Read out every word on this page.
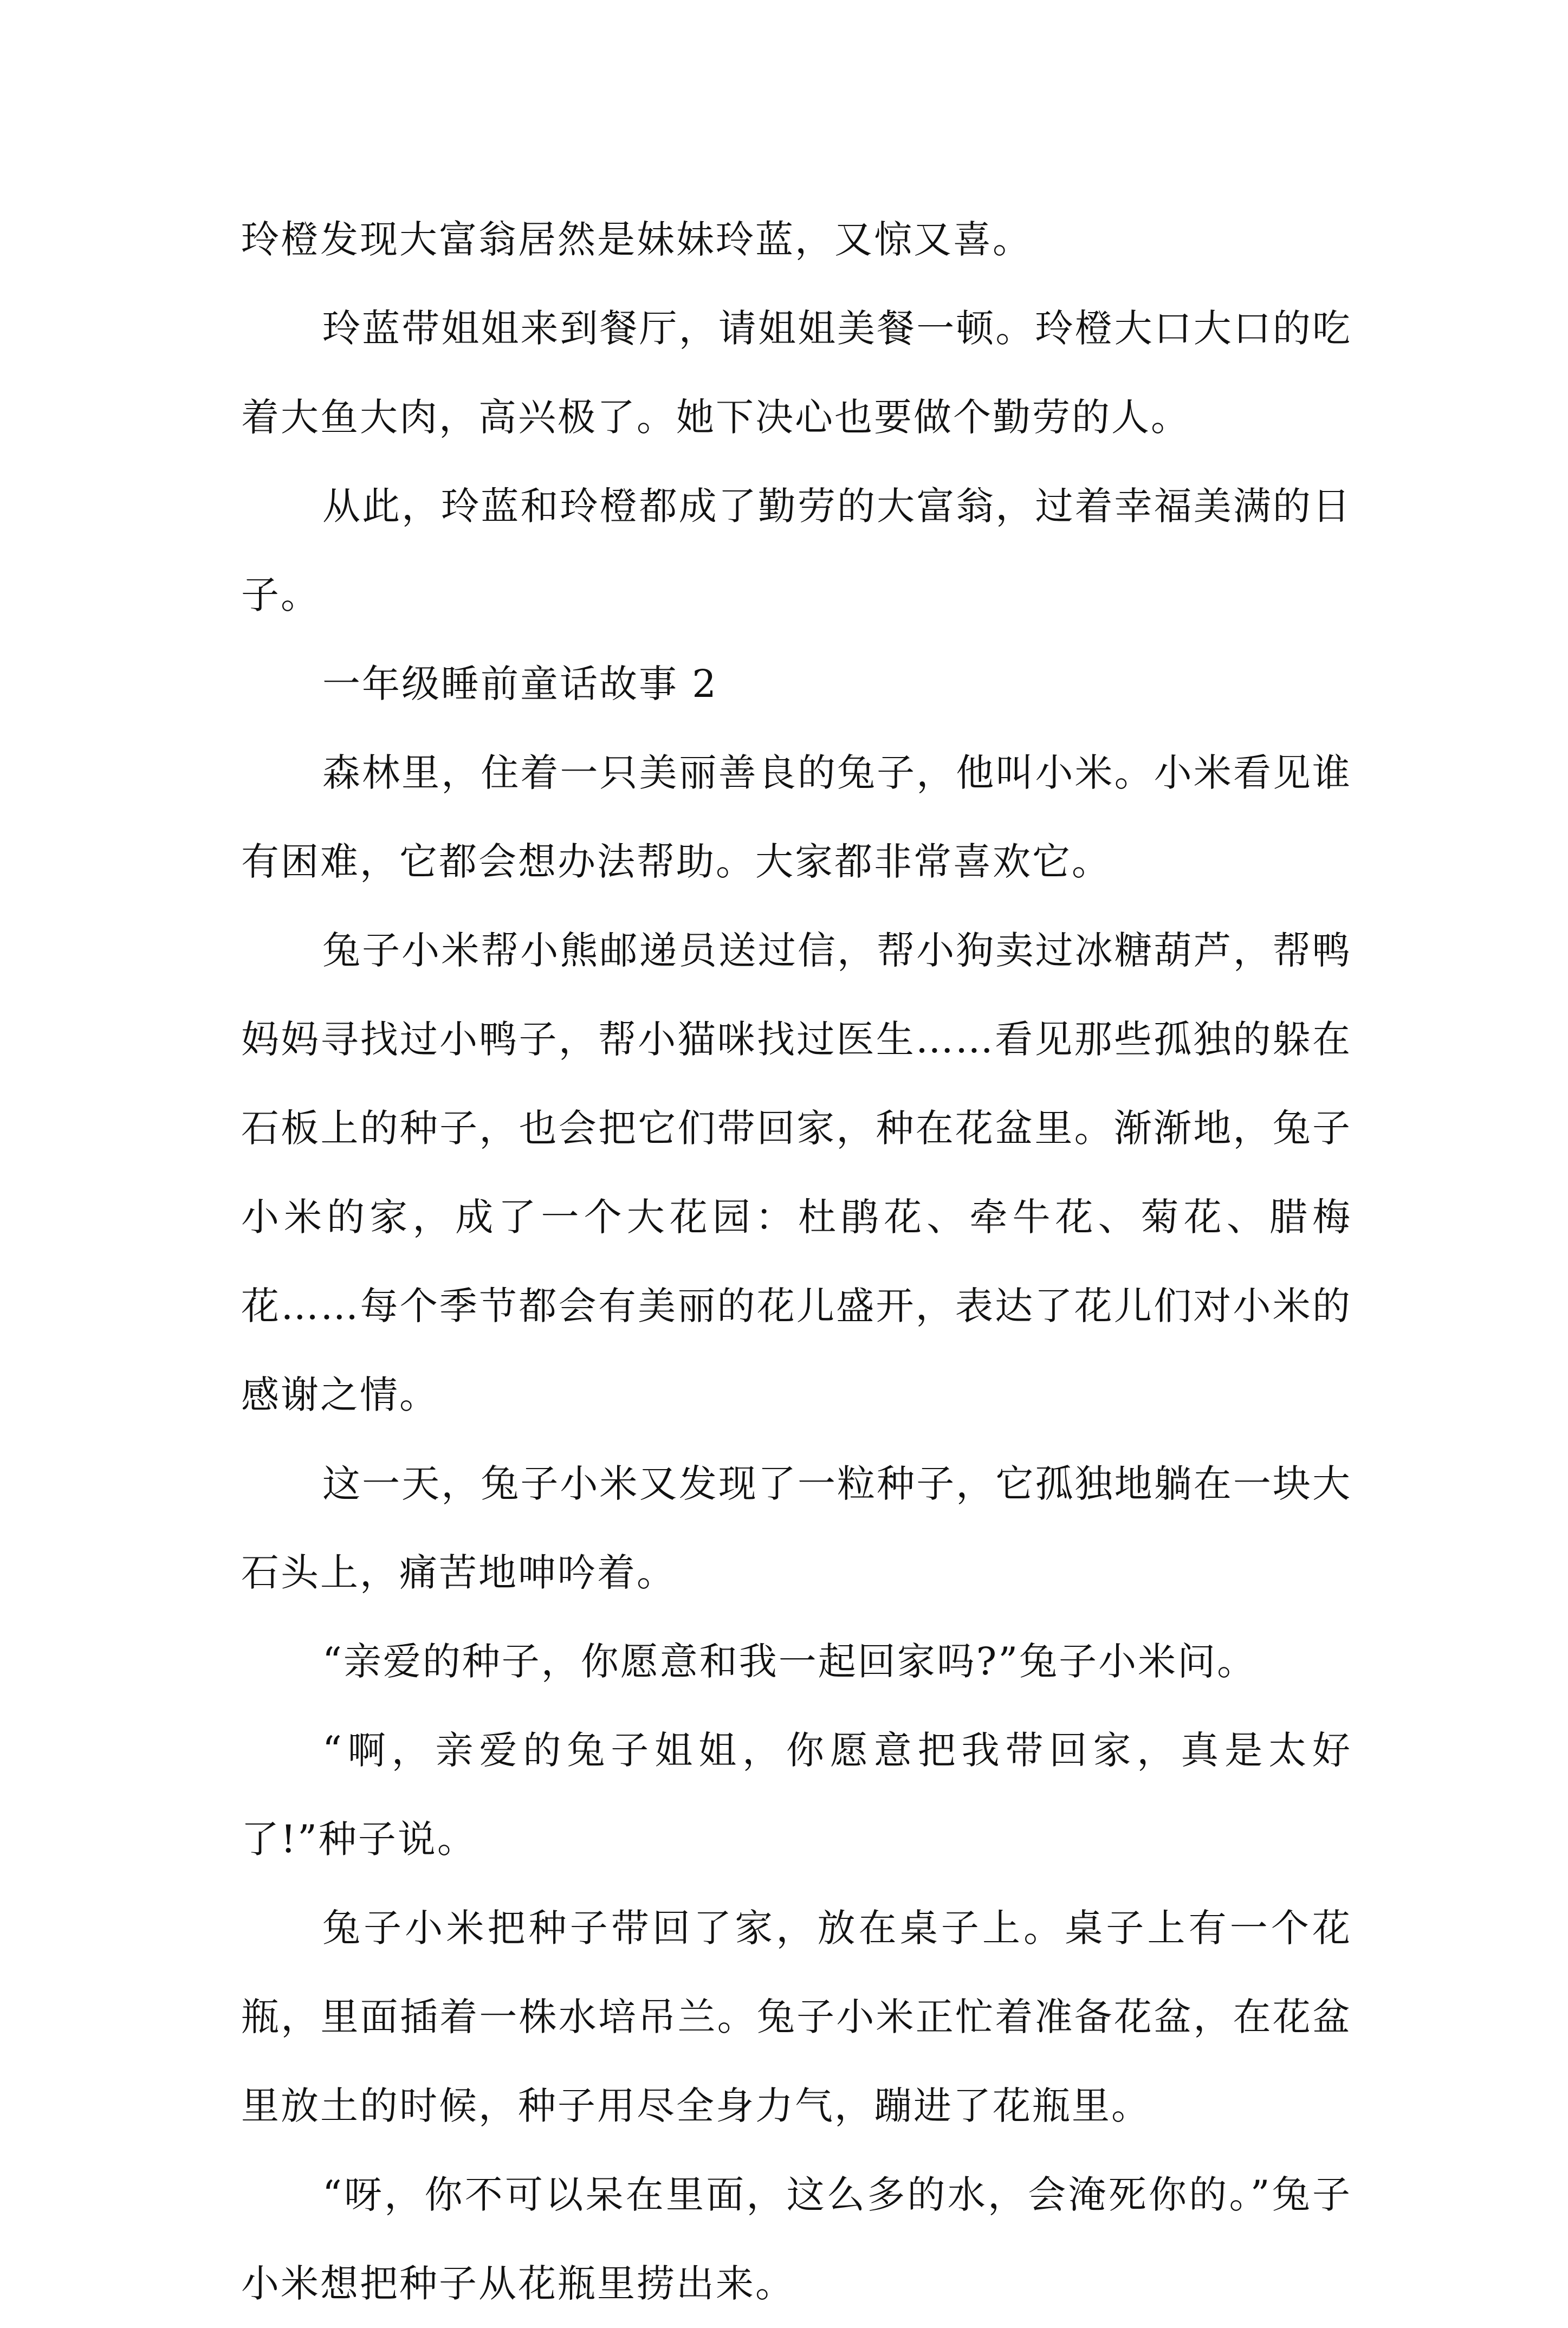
玲橙发现大富翁居然是妹妹玲蓝，又惊又喜。

玲蓝带姐姐来到餐厅，请姐姐美餐一顿。玲橙大口大口的吃着大鱼大肉，高兴极了。她下决心也要做个勤劳的人。

从此，玲蓝和玲橙都成了勤劳的大富翁，过着幸福美满的日子。

一年级睡前童话故事 2

森林里，住着一只美丽善良的兔子，他叫小米。小米看见谁有困难，它都会想办法帮助。大家都非常喜欢它。

兔子小米帮小熊邮递员送过信，帮小狗卖过冰糖葫芦，帮鸭妈妈寻找过小鸭子，帮小猫咪找过医生……看见那些孤独的躲在石板上的种子，也会把它们带回家，种在花盆里。渐渐地，兔子小米的家，成了一个大花园：杜鹃花、牵牛花、菊花、腊梅花……每个季节都会有美丽的花儿盛开，表达了花儿们对小米的感谢之情。

这一天，兔子小米又发现了一粒种子，它孤独地躺在一块大石头上，痛苦地呻吟着。

“亲爱的种子，你愿意和我一起回家吗?”兔子小米问。

“啊，亲爱的兔子姐姐，你愿意把我带回家，真是太好了!”种子说。

兔子小米把种子带回了家，放在桌子上。桌子上有一个花瓶，里面插着一株水培吊兰。兔子小米正忙着准备花盆，在花盆里放土的时候，种子用尽全身力气，蹦进了花瓶里。

“呀，你不可以呆在里面，这么多的水，会淹死你的。”兔子小米想把种子从花瓶里捞出来。
